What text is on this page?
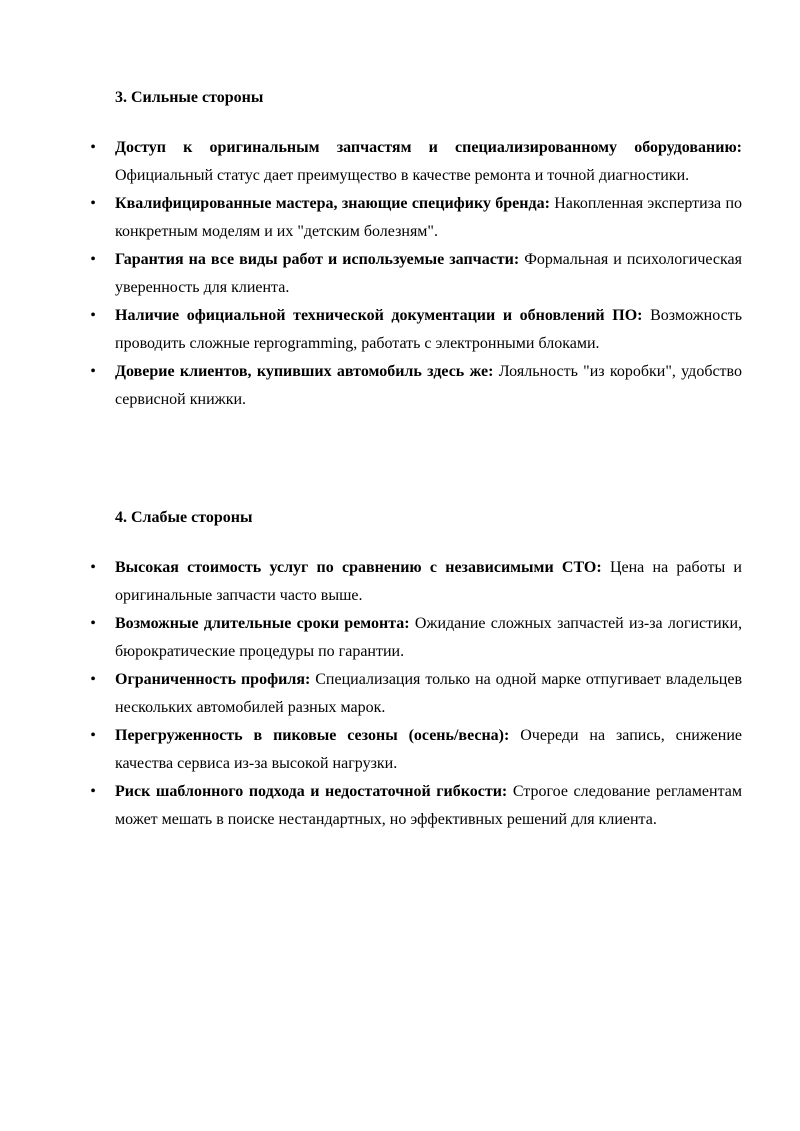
3. Сильные стороны
• Доступ к оригинальным запчастям и специализированному оборудованию: Официальный статус дает преимущество в качестве ремонта и точной диагностики.
• Квалифицированные мастера, знающие специфику бренда: Накопленная экспертиза по конкретным моделям и их "детским болезням".
• Гарантия на все виды работ и используемые запчасти: Формальная и психологическая уверенность для клиента.
• Наличие официальной технической документации и обновлений ПО: Возможность проводить сложные reprogramming, работать с электронными блоками.
• Доверие клиентов, купивших автомобиль здесь же: Лояльность "из коробки", удобство сервисной книжки.
4. Слабые стороны
• Высокая стоимость услуг по сравнению с независимыми СТО: Цена на работы и оригинальные запчасти часто выше.
• Возможные длительные сроки ремонта: Ожидание сложных запчастей из-за логистики, бюрократические процедуры по гарантии.
• Ограниченность профиля: Специализация только на одной марке отпугивает владельцев нескольких автомобилей разных марок.
• Перегруженность в пиковые сезоны (осень/весна): Очереди на запись, снижение качества сервиса из-за высокой нагрузки.
• Риск шаблонного подхода и недостаточной гибкости: Строгое следование регламентам может мешать в поиске нестандартных, но эффективных решений для клиента.
